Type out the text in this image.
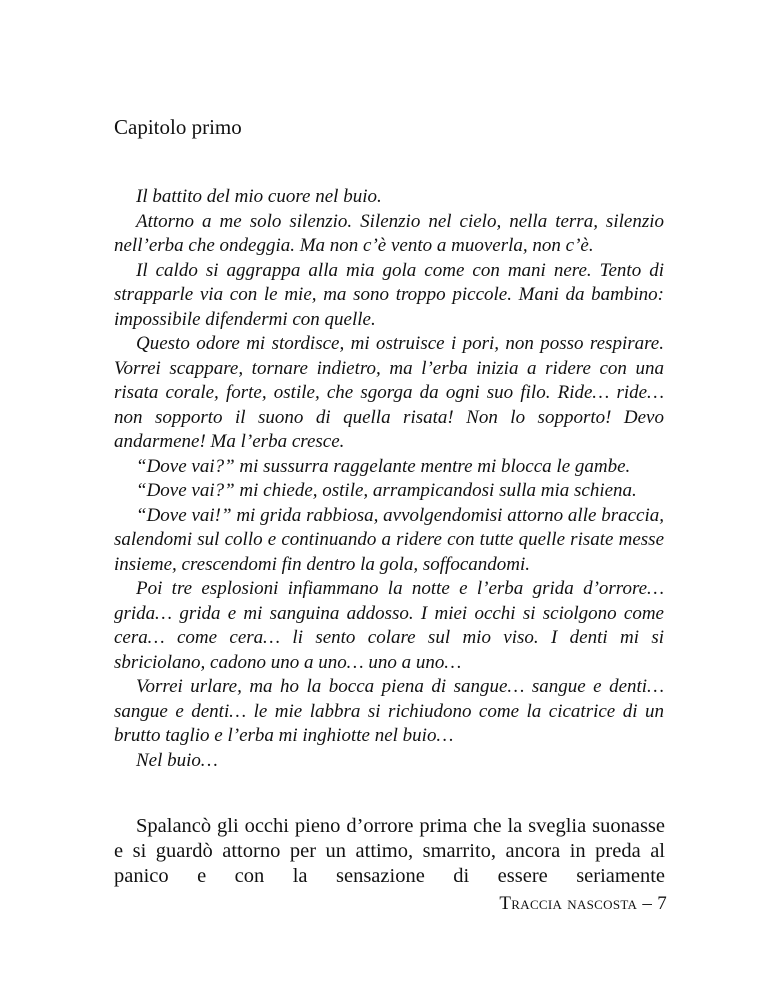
Capitolo primo

Il battito del mio cuore nel buio.

Attorno a me solo silenzio. Silenzio nel cielo, nella terra, silenzio nell’erba che ondeggia. Ma non c’è vento a muoverla, non c’è.

Il caldo si aggrappa alla mia gola come con mani nere. Tento di strapparle via con le mie, ma sono troppo piccole. Mani da bambino: impossibile difendermi con quelle.

Questo odore mi stordisce, mi ostruisce i pori, non posso respirare. Vorrei scappare, tornare indietro, ma l’erba inizia a ridere con una risata corale, forte, ostile, che sgorga da ogni suo filo. Ride… ride… non sopporto il suono di quella risata! Non lo sopporto! Devo andarmene! Ma l’erba cresce.

“Dove vai?” mi sussurra raggelante mentre mi blocca le gambe.

“Dove vai?” mi chiede, ostile, arrampicandosi sulla mia schiena.

“Dove vai!” mi grida rabbiosa, avvolgendomisi attorno alle braccia, salendomi sul collo e continuando a ridere con tutte quelle risate messe insieme, crescendomi fin dentro la gola, soffocandomi.

Poi tre esplosioni infiammano la notte e l’erba grida d’orrore… grida… grida e mi sanguina addosso. I miei occhi si sciolgono come cera… come cera… li sento colare sul mio viso. I denti mi si sbriciolano, cadono uno a uno… uno a uno…

Vorrei urlare, ma ho la bocca piena di sangue… sangue e denti… sangue e denti… le mie labbra si richiudono come la cicatrice di un brutto taglio e l’erba mi inghiotte nel buio…

Nel buio…

Spalancò gli occhi pieno d’orrore prima che la sveglia suonasse e si guardò attorno per un attimo, smarrito, ancora in preda al panico e con la sensazione di essere seriamente

Traccia nascosta – 7
